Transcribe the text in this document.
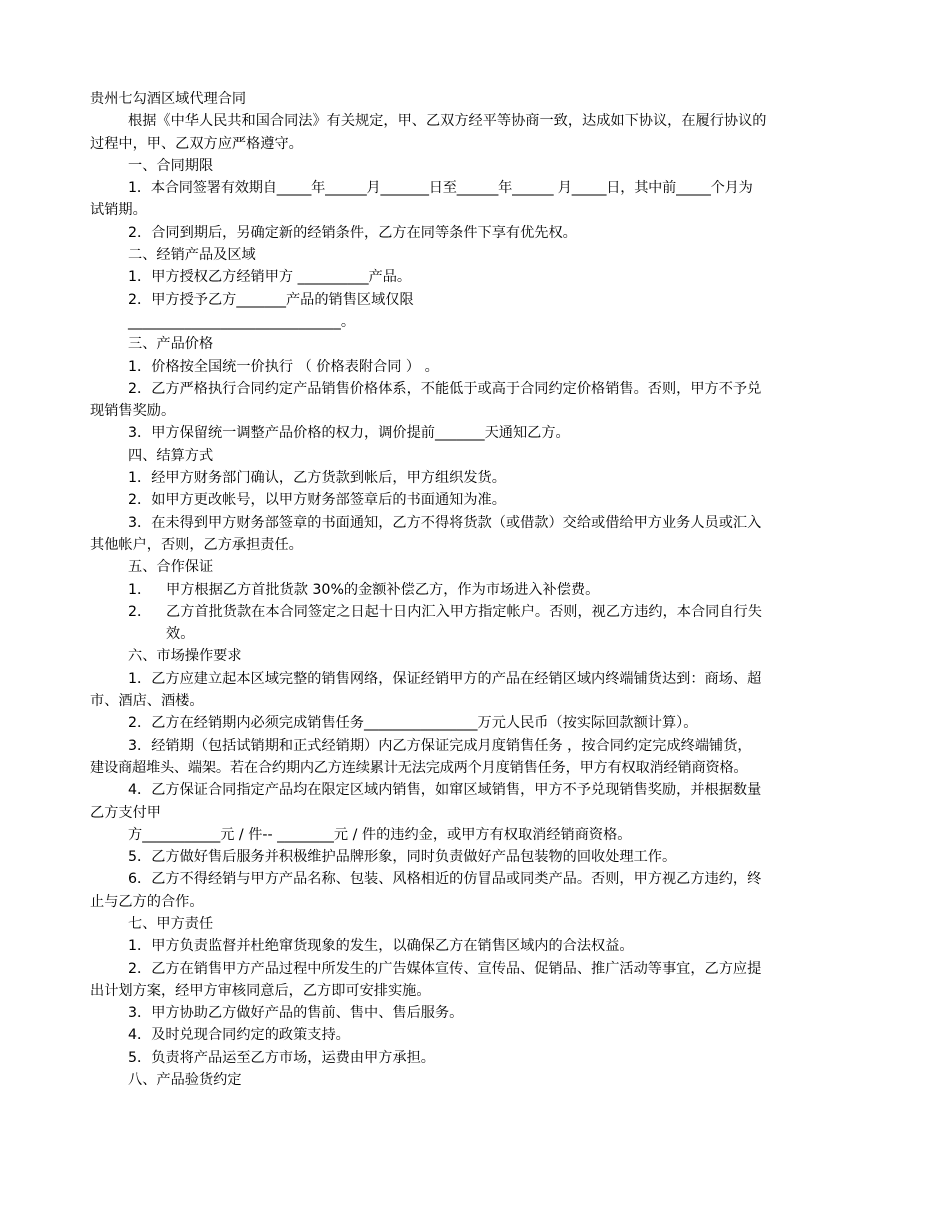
贵州七勾酒区域代理合同
根据《中华人民共和国合同法》有关规定，甲、乙双方经平等协商一致，达成如下协议，在履行协议的
过程中，甲、乙双方应严格遵守。
一、合同期限
1．本合同签署有效期自_____年______月_______日至______年______ 月_____日，其中前_____个月为
试销期。
2．合同到期后，另确定新的经销条件，乙方在同等条件下享有优先权。
二、经销产品及区域
1．甲方授权乙方经销甲方 __________产品。
2．甲方授予乙方_______产品的销售区域仅限
______________________________。
三、产品价格
1．价格按全国统一价执行 （ 价格表附合同 ） 。
2．乙方严格执行合同约定产品销售价格体系，不能低于或高于合同约定价格销售。否则，甲方不予兑
现销售奖励。
3．甲方保留统一调整产品价格的权力，调价提前_______天通知乙方。
四、结算方式
1．经甲方财务部门确认，乙方货款到帐后，甲方组织发货。
2．如甲方更改帐号，以甲方财务部签章后的书面通知为准。
3．在未得到甲方财务部签章的书面通知，乙方不得将货款（或借款）交给或借给甲方业务人员或汇入
其他帐户，否则，乙方承担责任。
五、合作保证
1． 甲方根据乙方首批货款 30%的金额补偿乙方，作为市场进入补偿费。
2． 乙方首批货款在本合同签定之日起十日内汇入甲方指定帐户。否则，视乙方违约，本合同自行失
效。
六、市场操作要求
1．乙方应建立起本区域完整的销售网络，保证经销甲方的产品在经销区域内终端铺货达到：商场、超
市、酒店、酒楼。
2．乙方在经销期内必须完成销售任务________________万元人民币（按实际回款额计算）。
3．经销期（包括试销期和正式经销期）内乙方保证完成月度销售任务 ，按合同约定完成终端铺货，
建设商超堆头、端架。若在合约期内乙方连续累计无法完成两个月度销售任务，甲方有权取消经销商资格。
4．乙方保证合同指定产品均在限定区域内销售，如窜区域销售，甲方不予兑现销售奖励，并根据数量
乙方支付甲
方___________元 / 件-- ________元 / 件的违约金，或甲方有权取消经销商资格。
5．乙方做好售后服务并积极维护品牌形象，同时负责做好产品包装物的回收处理工作。
6．乙方不得经销与甲方产品名称、包装、风格相近的仿冒品或同类产品。否则，甲方视乙方违约，终
止与乙方的合作。
七、甲方责任
1．甲方负责监督并杜绝窜货现象的发生，以确保乙方在销售区域内的合法权益。
2．乙方在销售甲方产品过程中所发生的广告媒体宣传、宣传品、促销品、推广活动等事宜，乙方应提
出计划方案，经甲方审核同意后，乙方即可安排实施。
3．甲方协助乙方做好产品的售前、售中、售后服务。
4．及时兑现合同约定的政策支持。
5．负责将产品运至乙方市场，运费由甲方承担。
八、产品验货约定
